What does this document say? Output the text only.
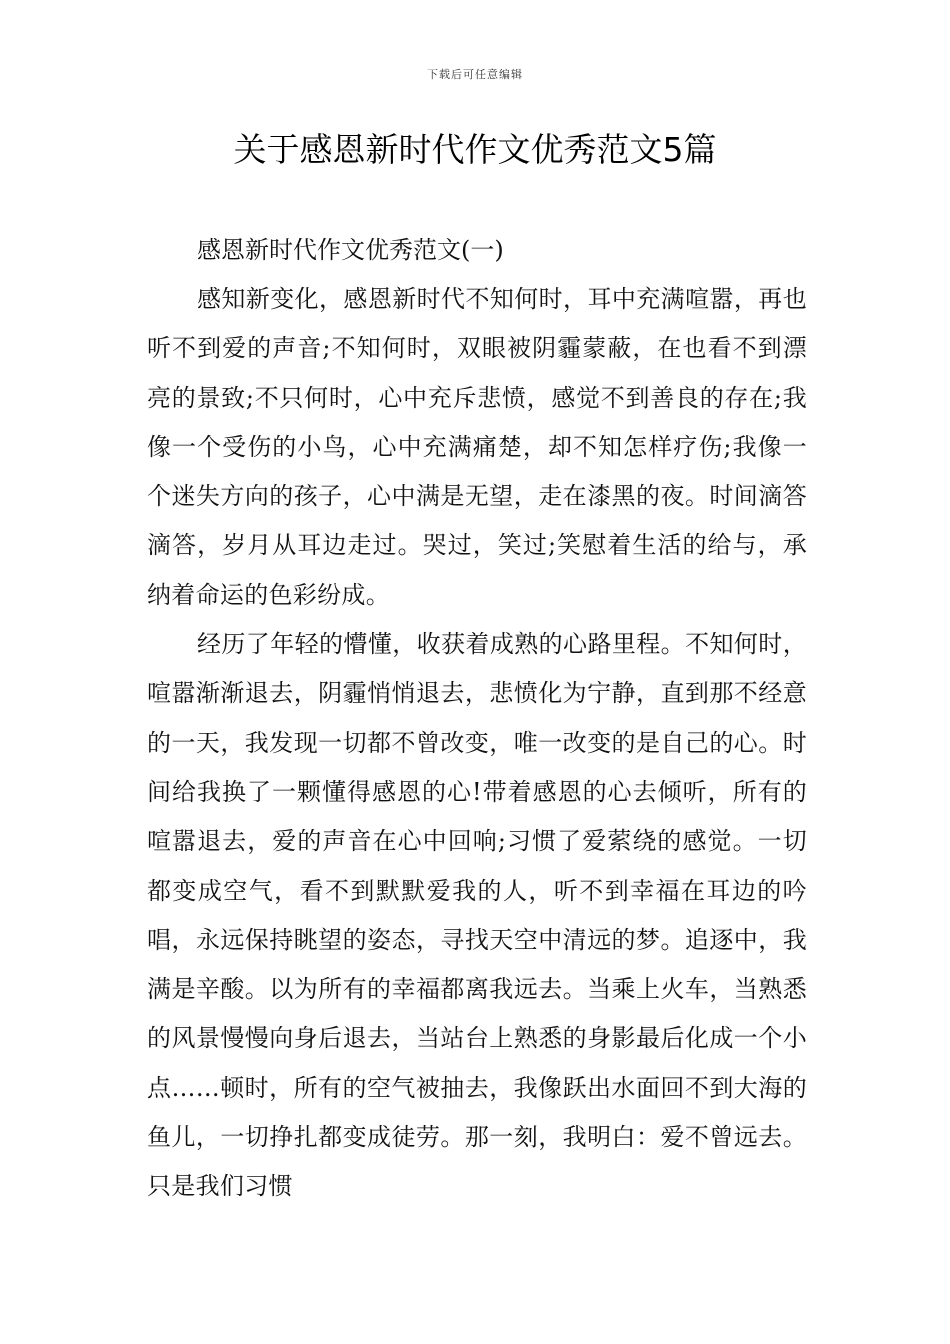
下载后可任意编辑
关于感恩新时代作文优秀范文5篇

感恩新时代作文优秀范文(一)

感知新变化，感恩新时代不知何时，耳中充满喧嚣，再也听不到爱的声音;不知何时，双眼被阴霾蒙蔽，在也看不到漂亮的景致;不只何时，心中充斥悲愤，感觉不到善良的存在;我像一个受伤的小鸟，心中充满痛楚，却不知怎样疗伤;我像一个迷失方向的孩子，心中满是无望，走在漆黑的夜。时间滴答滴答，岁月从耳边走过。哭过，笑过;笑慰着生活的给与，承纳着命运的色彩纷成。

经历了年轻的懵懂，收获着成熟的心路里程。不知何时，喧嚣渐渐退去，阴霾悄悄退去，悲愤化为宁静，直到那不经意的一天，我发现一切都不曾改变，唯一改变的是自己的心。时间给我换了一颗懂得感恩的心!带着感恩的心去倾听，所有的喧嚣退去，爱的声音在心中回响;习惯了爱萦绕的感觉。一切都变成空气，看不到默默爱我的人，听不到幸福在耳边的吟唱，永远保持眺望的姿态，寻找天空中清远的梦。追逐中，我满是辛酸。以为所有的幸福都离我远去。当乘上火车，当熟悉的风景慢慢向身后退去，当站台上熟悉的身影最后化成一个小点……顿时，所有的空气被抽去，我像跃出水面回不到大海的鱼儿，一切挣扎都变成徒劳。那一刻，我明白：爱不曾远去。只是我们习惯
